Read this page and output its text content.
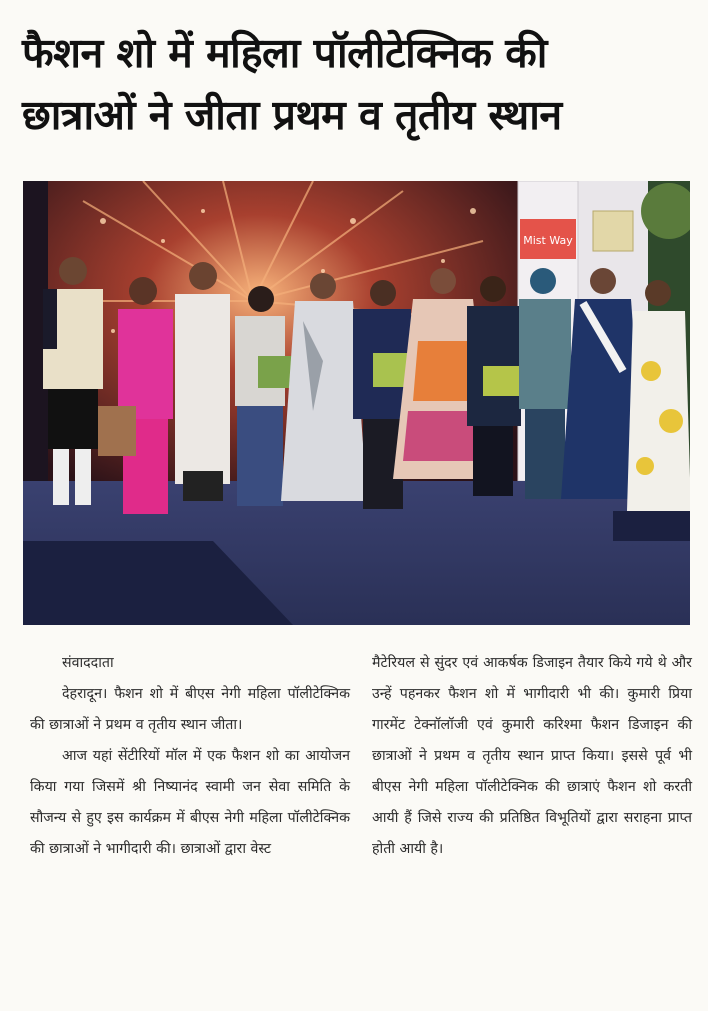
फैशन शो में महिला पॉलीटेक्निक की
छात्राओं ने जीता प्रथम व तृतीय स्थान
Mist Way

संवाददाता

देहरादून। फैशन शो में बीएस नेगी महिला पॉलीटेक्निक की छात्राओं ने प्रथम व तृतीय स्थान जीता।

आज यहां सेंटीरियों मॉल में एक फैशन शो का आयोजन किया गया जिसमें श्री निष्यानंद स्वामी जन सेवा समिति के सौजन्य से हुए इस कार्यक्रम में बीएस नेगी महिला पॉलीटेक्निक की छात्राओं ने भागीदारी की। छात्राओं द्वारा वेस्ट

मैटेरियल से सुंदर एवं आकर्षक डिजाइन तैयार किये गये थे और उन्हें पहनकर फैशन शो में भागीदारी भी की। कुमारी प्रिया गारमेंट टेक्नॉलॉजी एवं कुमारी करिश्मा फैशन डिजाइन की छात्राओं ने प्रथम व तृतीय स्थान प्राप्त किया। इससे पूर्व भी बीएस नेगी महिला पॉलीटेक्निक की छात्राएं फैशन शो करती आयी हैं जिसे राज्य की प्रतिष्ठित विभूतियों द्वारा सराहना प्राप्त होती आयी है।
